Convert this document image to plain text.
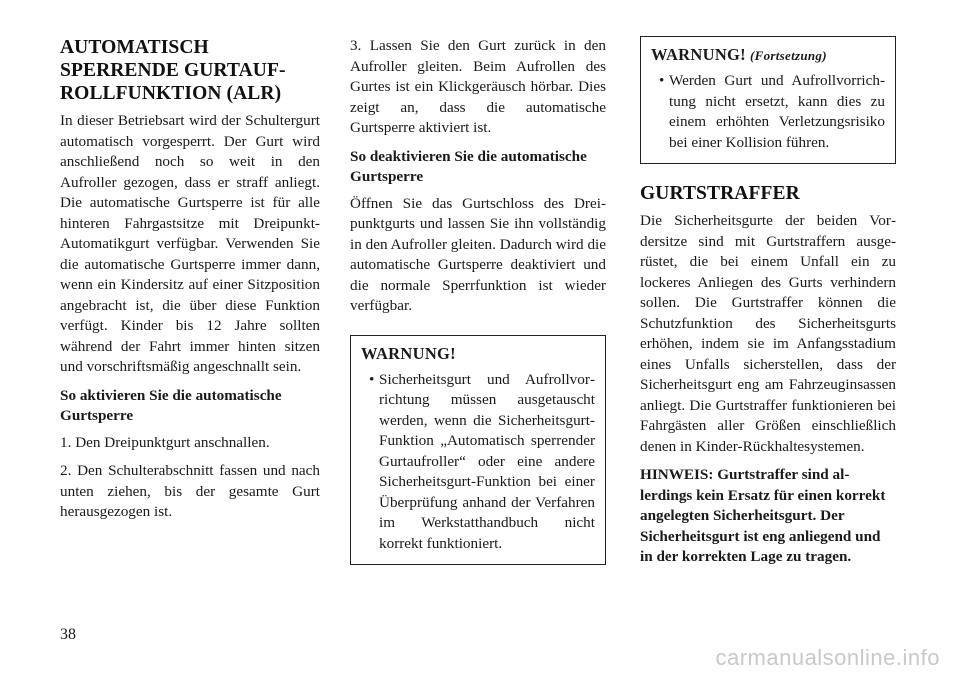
AUTOMATISCH SPERRENDE GURTAUFROLLFUNKTION (ALR)

In dieser Betriebsart wird der Schultergurt automatisch vorgesperrt. Der Gurt wird anschließend noch so weit in den Aufroller gezogen, dass er straff anliegt. Die automatische Gurtsperre ist für alle hinteren Fahrgastsitze mit Dreipunkt-Automatikgurt verfügbar. Verwenden Sie die automatische Gurtsperre immer dann, wenn ein Kindersitz auf einer Sitzposition angebracht ist, die über diese Funktion verfügt. Kinder bis 12 Jahre sollten während der Fahrt immer hinten sitzen und vorschriftsmäßig angeschnallt sein.

So aktivieren Sie die automatische Gurtsperre

1. Den Dreipunktgurt anschnallen.

2. Den Schulterabschnitt fassen und nach unten ziehen, bis der gesamte Gurt herausgezogen ist.

3. Lassen Sie den Gurt zurück in den Aufroller gleiten. Beim Aufrollen des Gurtes ist ein Klickgeräusch hörbar. Dies zeigt an, dass die automatische Gurtsperre aktiviert ist.

So deaktivieren Sie die automatische Gurtsperre

Öffnen Sie das Gurtschloss des Dreipunktgurts und lassen Sie ihn vollständig in den Aufroller gleiten. Dadurch wird die automatische Gurtsperre deaktiviert und die normale Sperrfunktion ist wieder verfügbar.

WARNUNG!
• Sicherheitsgurt und Aufrollvorrichtung müssen ausgetauscht werden, wenn die Sicherheitsgurt-Funktion „Automatisch sperrender Gurtaufroller“ oder eine andere Sicherheitsgurt-Funktion bei einer Überprüfung anhand der Verfahren im Werkstatthandbuch nicht korrekt funktioniert.
WARNUNG! (Fortsetzung)
• Werden Gurt und Aufrollvorrichtung nicht ersetzt, kann dies zu einem erhöhten Verletzungsrisiko bei einer Kollision führen.
GURTSTRAFFER

Die Sicherheitsgurte der beiden Vordersitze sind mit Gurtstraffern ausgerüstet, die bei einem Unfall ein zu lockeres Anliegen des Gurts verhindern sollen. Die Gurtstraffer können die Schutzfunktion des Sicherheitsgurts erhöhen, indem sie im Anfangsstadium eines Unfalls sicherstellen, dass der Sicherheitsgurt eng am Fahrzeuginsassen anliegt. Die Gurtstraffer funktionieren bei Fahrgästen aller Größen einschließlich denen in Kinder-Rückhaltesystemen.

HINWEIS: Gurtstraffer sind allerdings kein Ersatz für einen korrekt angelegten Sicherheitsgurt. Der Sicherheitsgurt ist eng anliegend und in der korrekten Lage zu tragen.

38
carmanualsonline.info
